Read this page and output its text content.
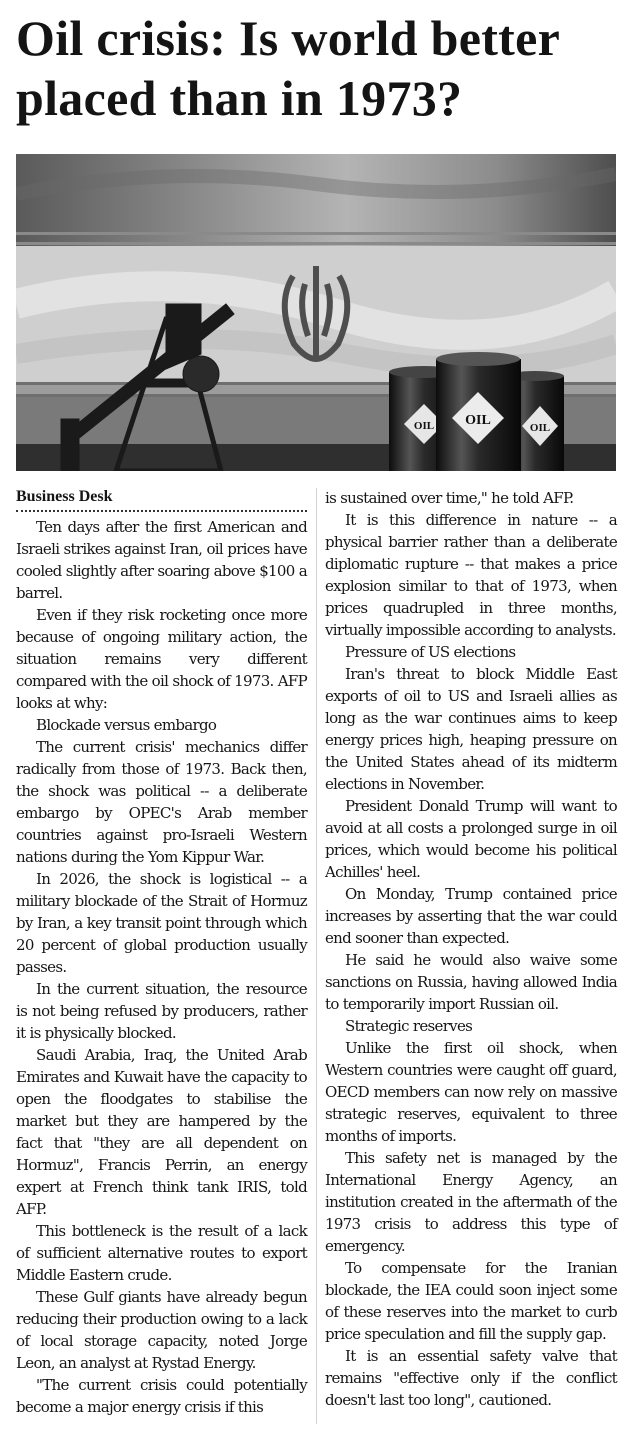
Oil crisis: Is world better
placed than in 1973?
OIL	OIL
OIL
Business Desk

Ten days after the first American and Israeli strikes against Iran, oil prices have cooled slightly after soaring above $100 a barrel.

Even if they risk rocketing once more because of ongoing military action, the situation remains very different compared with the oil shock of 1973. AFP looks at why:

Blockade versus embargo

The current crisis' mechanics differ radically from those of 1973. Back then, the shock was political -- a deliberate embargo by OPEC's Arab member countries against pro-Israeli Western nations during the Yom Kippur War.

In 2026, the shock is logistical -- a military blockade of the Strait of Hormuz by Iran, a key transit point through which 20 percent of global production usually passes.

In the current situation, the resource is not being refused by producers, rather it is physically blocked.

Saudi Arabia, Iraq, the United Arab Emirates and Kuwait have the capacity to open the floodgates to stabilise the market but they are hampered by the fact that "they are all dependent on Hormuz", Francis Perrin, an energy expert at French think tank IRIS, told AFP.

This bottleneck is the result of a lack of sufficient alternative routes to export Middle Eastern crude.

These Gulf giants have already begun reducing their production owing to a lack of local storage capacity, noted Jorge Leon, an analyst at Rystad Energy.

"The current crisis could potentially become a major energy crisis if this

is sustained over time," he told AFP.

It is this difference in nature -- a physical barrier rather than a deliberate diplomatic rupture -- that makes a price explosion similar to that of 1973, when prices quadrupled in three months, virtually impossible according to analysts.

Pressure of US elections

Iran's threat to block Middle East exports of oil to US and Israeli allies as long as the war continues aims to keep energy prices high, heaping pressure on the United States ahead of its midterm elections in November.

President Donald Trump will want to avoid at all costs a prolonged surge in oil prices, which would become his political Achilles' heel.

On Monday, Trump contained price increases by asserting that the war could end sooner than expected.

He said he would also waive some sanctions on Russia, having allowed India to temporarily import Russian oil.

Strategic reserves

Unlike the first oil shock, when Western countries were caught off guard, OECD members can now rely on massive strategic reserves, equivalent to three months of imports.

This safety net is managed by the International Energy Agency, an institution created in the aftermath of the 1973 crisis to address this type of emergency.

To compensate for the Iranian blockade, the IEA could soon inject some of these reserves into the market to curb price speculation and fill the supply gap.

It is an essential safety valve that remains "effective only if the conflict doesn't last too long", cautioned.
